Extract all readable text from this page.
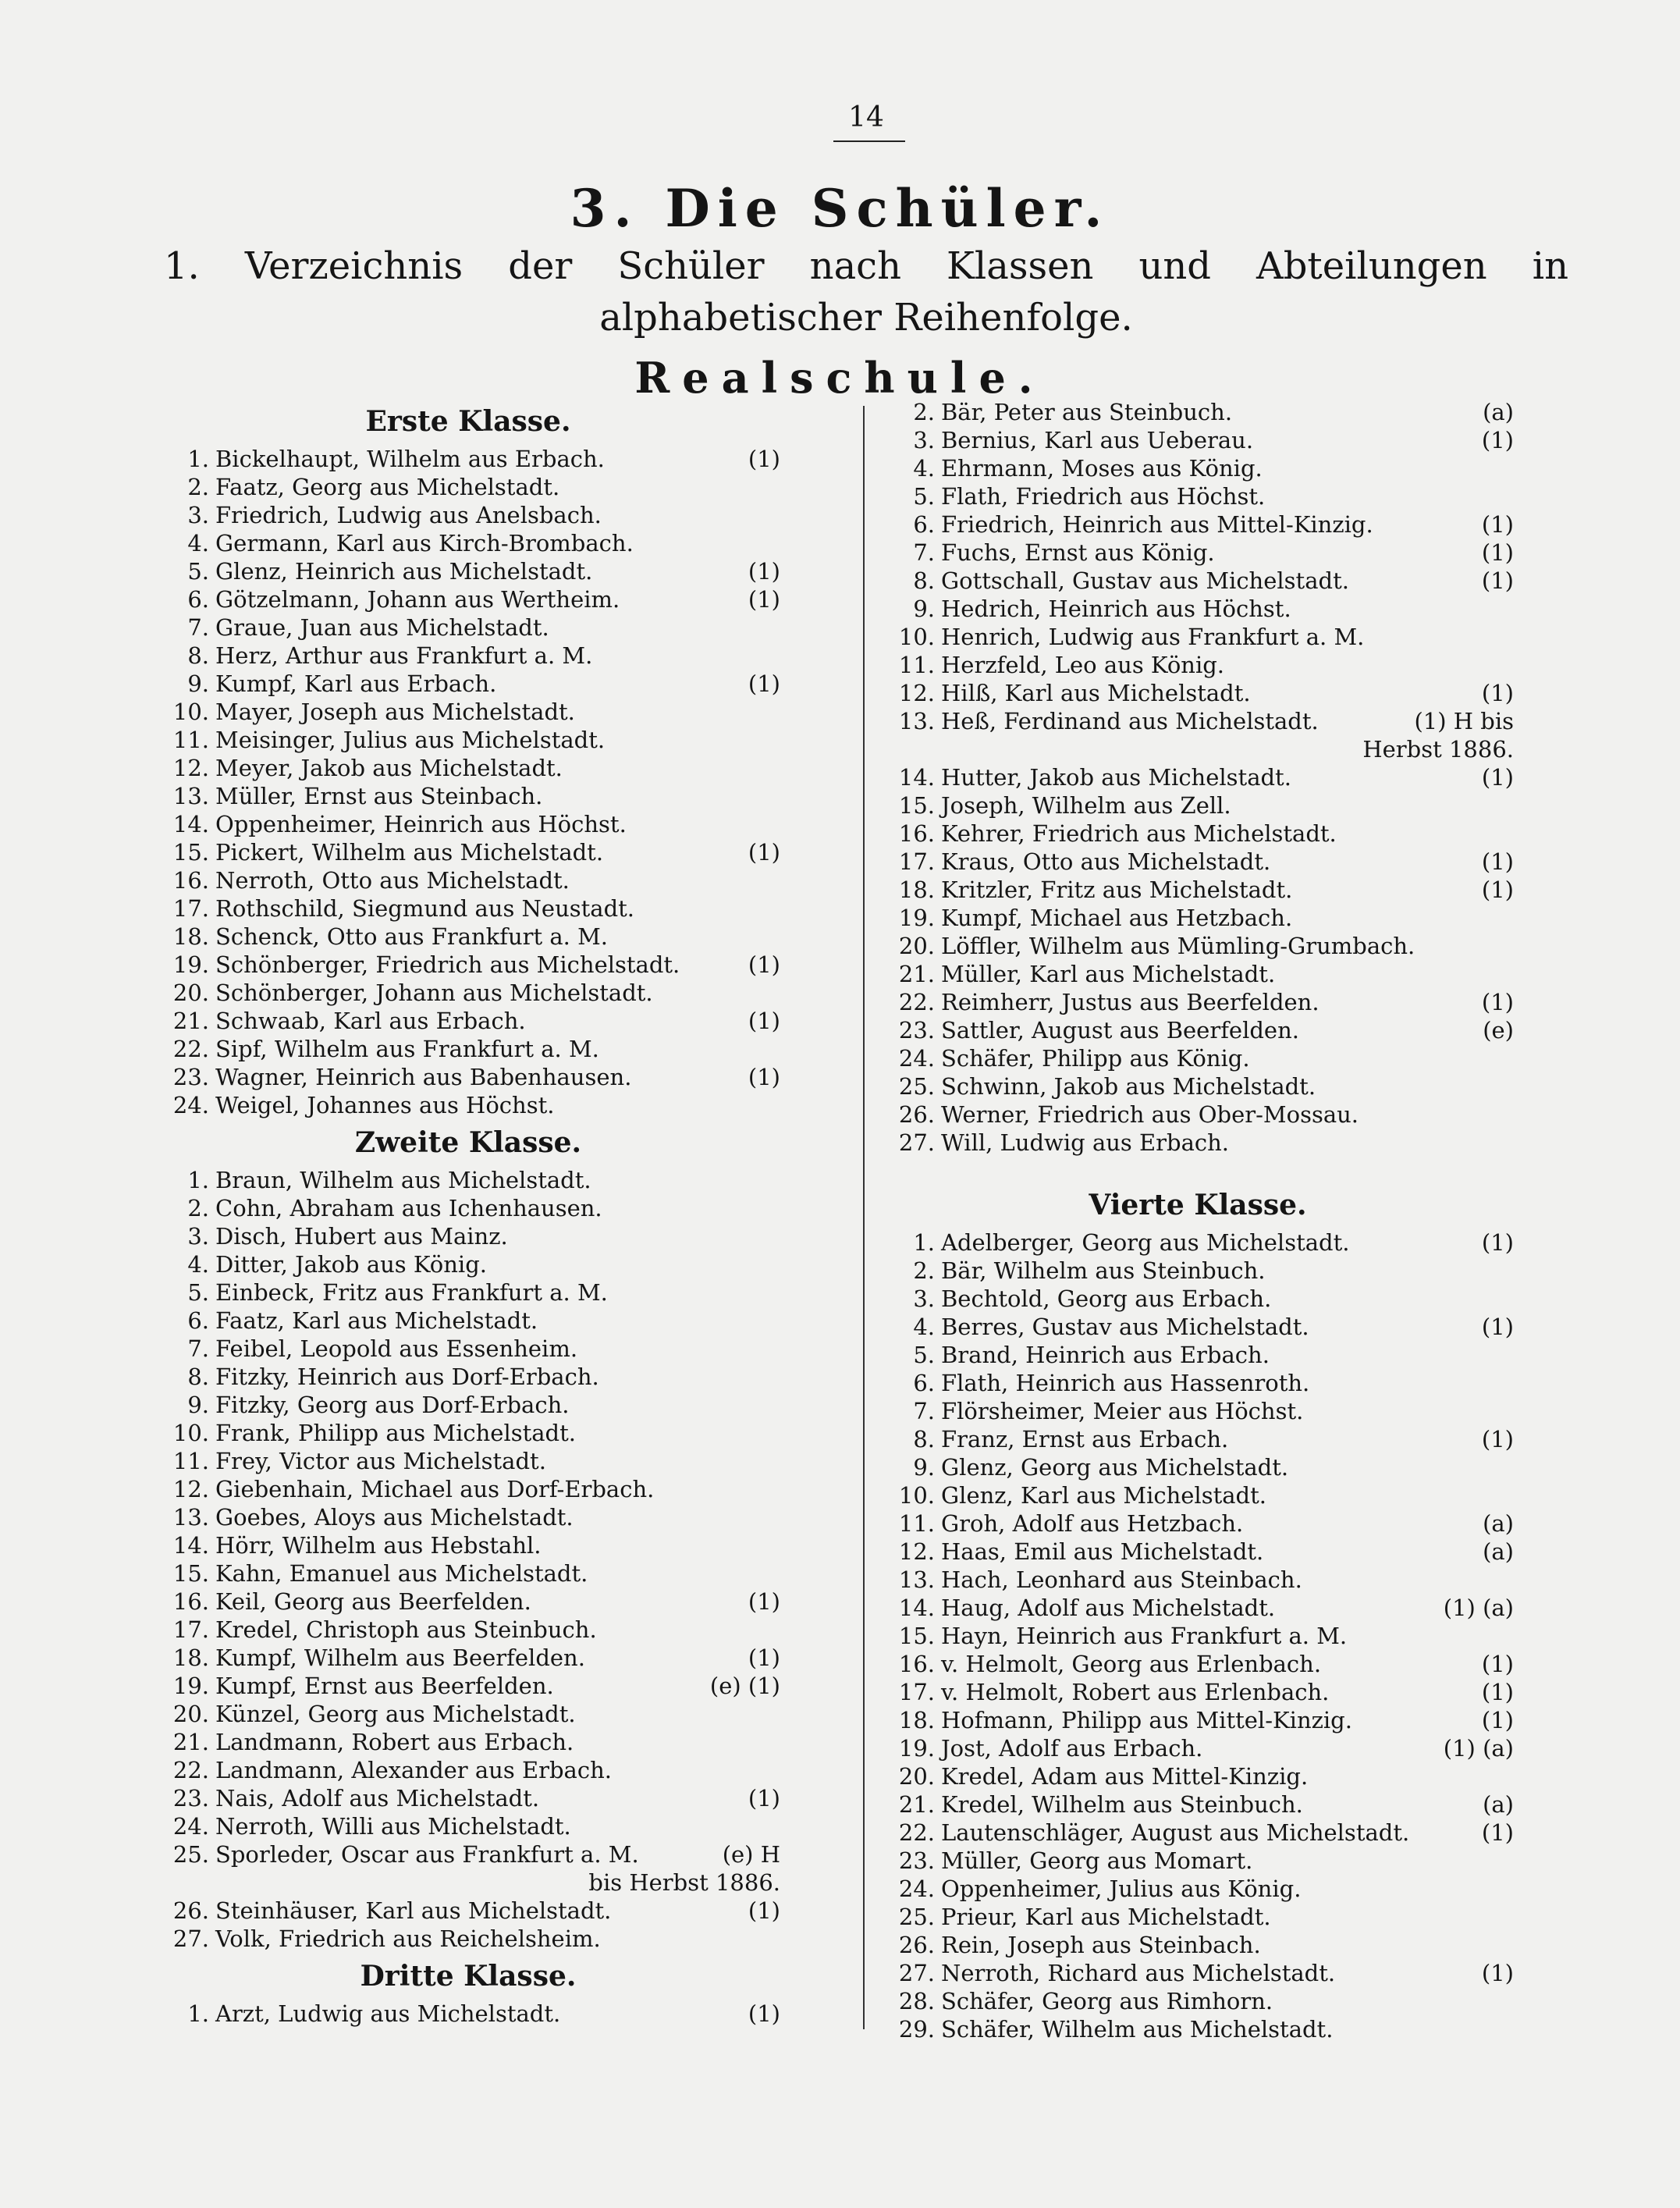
14
3. Die Schüler.
1. Verzeichnis der Schüler nach Klassen und Abteilungen in alphabetischer Reihenfolge.
Realschule.
Erste Klasse.
1. Bickelhaupt, Wilhelm aus Erbach.	(1)
2. Faatz, Georg aus Michelstadt.
3. Friedrich, Ludwig aus Anelsbach.
4. Germann, Karl aus Kirch-Brombach.
5. Glenz, Heinrich aus Michelstadt.	(1)
6. Götzelmann, Johann aus Wertheim.	(1)
7. Graue, Juan aus Michelstadt.
8. Herz, Arthur aus Frankfurt a. M.
9. Kumpf, Karl aus Erbach.	(1)
10. Mayer, Joseph aus Michelstadt.
11. Meisinger, Julius aus Michelstadt.
12. Meyer, Jakob aus Michelstadt.
13. Müller, Ernst aus Steinbach.
14. Oppenheimer, Heinrich aus Höchst.
15. Pickert, Wilhelm aus Michelstadt.	(1)
16. Nerroth, Otto aus Michelstadt.
17. Rothschild, Siegmund aus Neustadt.
18. Schenck, Otto aus Frankfurt a. M.
19. Schönberger, Friedrich aus Michelstadt.	(1)
20. Schönberger, Johann aus Michelstadt.
21. Schwaab, Karl aus Erbach.	(1)
22. Sipf, Wilhelm aus Frankfurt a. M.
23. Wagner, Heinrich aus Babenhausen.	(1)
24. Weigel, Johannes aus Höchst.
Zweite Klasse.
1. Braun, Wilhelm aus Michelstadt.
2. Cohn, Abraham aus Ichenhausen.
3. Disch, Hubert aus Mainz.
4. Ditter, Jakob aus König.
5. Einbeck, Fritz aus Frankfurt a. M.
6. Faatz, Karl aus Michelstadt.
7. Feibel, Leopold aus Essenheim.
8. Fitzky, Heinrich aus Dorf-Erbach.
9. Fitzky, Georg aus Dorf-Erbach.
10. Frank, Philipp aus Michelstadt.
11. Frey, Victor aus Michelstadt.
12. Giebenhain, Michael aus Dorf-Erbach.
13. Goebes, Aloys aus Michelstadt.
14. Hörr, Wilhelm aus Hebstahl.
15. Kahn, Emanuel aus Michelstadt.
16. Keil, Georg aus Beerfelden.	(1)
17. Kredel, Christoph aus Steinbuch.
18. Kumpf, Wilhelm aus Beerfelden.	(1)
19. Kumpf, Ernst aus Beerfelden.	(e) (1)
20. Künzel, Georg aus Michelstadt.
21. Landmann, Robert aus Erbach.
22. Landmann, Alexander aus Erbach.
23. Nais, Adolf aus Michelstadt.	(1)
24. Nerroth, Willi aus Michelstadt.
25. Sporleder, Oscar aus Frankfurt a. M.	(e) H
bis Herbst 1886.
26. Steinhäuser, Karl aus Michelstadt.	(1)
27. Volk, Friedrich aus Reichelsheim.
Dritte Klasse.
1. Arzt, Ludwig aus Michelstadt.	(1)
2. Bär, Peter aus Steinbuch.	(a)
3. Bernius, Karl aus Ueberau.	(1)
4. Ehrmann, Moses aus König.
5. Flath, Friedrich aus Höchst.
6. Friedrich, Heinrich aus Mittel-Kinzig.	(1)
7. Fuchs, Ernst aus König.	(1)
8. Gottschall, Gustav aus Michelstadt.	(1)
9. Hedrich, Heinrich aus Höchst.
10. Henrich, Ludwig aus Frankfurt a. M.
11. Herzfeld, Leo aus König.
12. Hilß, Karl aus Michelstadt.	(1)
13. Heß, Ferdinand aus Michelstadt.	(1) H bis
Herbst 1886.
14. Hutter, Jakob aus Michelstadt.	(1)
15. Joseph, Wilhelm aus Zell.
16. Kehrer, Friedrich aus Michelstadt.
17. Kraus, Otto aus Michelstadt.	(1)
18. Kritzler, Fritz aus Michelstadt.	(1)
19. Kumpf, Michael aus Hetzbach.
20. Löffler, Wilhelm aus Mümling-Grumbach.
21. Müller, Karl aus Michelstadt.
22. Reimherr, Justus aus Beerfelden.	(1)
23. Sattler, August aus Beerfelden.	(e)
24. Schäfer, Philipp aus König.
25. Schwinn, Jakob aus Michelstadt.
26. Werner, Friedrich aus Ober-Mossau.
27. Will, Ludwig aus Erbach.
Vierte Klasse.
1. Adelberger, Georg aus Michelstadt.	(1)
2. Bär, Wilhelm aus Steinbuch.
3. Bechtold, Georg aus Erbach.
4. Berres, Gustav aus Michelstadt.	(1)
5. Brand, Heinrich aus Erbach.
6. Flath, Heinrich aus Hassenroth.
7. Flörsheimer, Meier aus Höchst.
8. Franz, Ernst aus Erbach.	(1)
9. Glenz, Georg aus Michelstadt.
10. Glenz, Karl aus Michelstadt.
11. Groh, Adolf aus Hetzbach.	(a)
12. Haas, Emil aus Michelstadt.	(a)
13. Hach, Leonhard aus Steinbach.
14. Haug, Adolf aus Michelstadt.	(1) (a)
15. Hayn, Heinrich aus Frankfurt a. M.
16. v. Helmolt, Georg aus Erlenbach.	(1)
17. v. Helmolt, Robert aus Erlenbach.	(1)
18. Hofmann, Philipp aus Mittel-Kinzig.	(1)
19. Jost, Adolf aus Erbach.	(1) (a)
20. Kredel, Adam aus Mittel-Kinzig.
21. Kredel, Wilhelm aus Steinbuch.	(a)
22. Lautenschläger, August aus Michelstadt.	(1)
23. Müller, Georg aus Momart.
24. Oppenheimer, Julius aus König.
25. Prieur, Karl aus Michelstadt.
26. Rein, Joseph aus Steinbach.
27. Nerroth, Richard aus Michelstadt.	(1)
28. Schäfer, Georg aus Rimhorn.
29. Schäfer, Wilhelm aus Michelstadt.
